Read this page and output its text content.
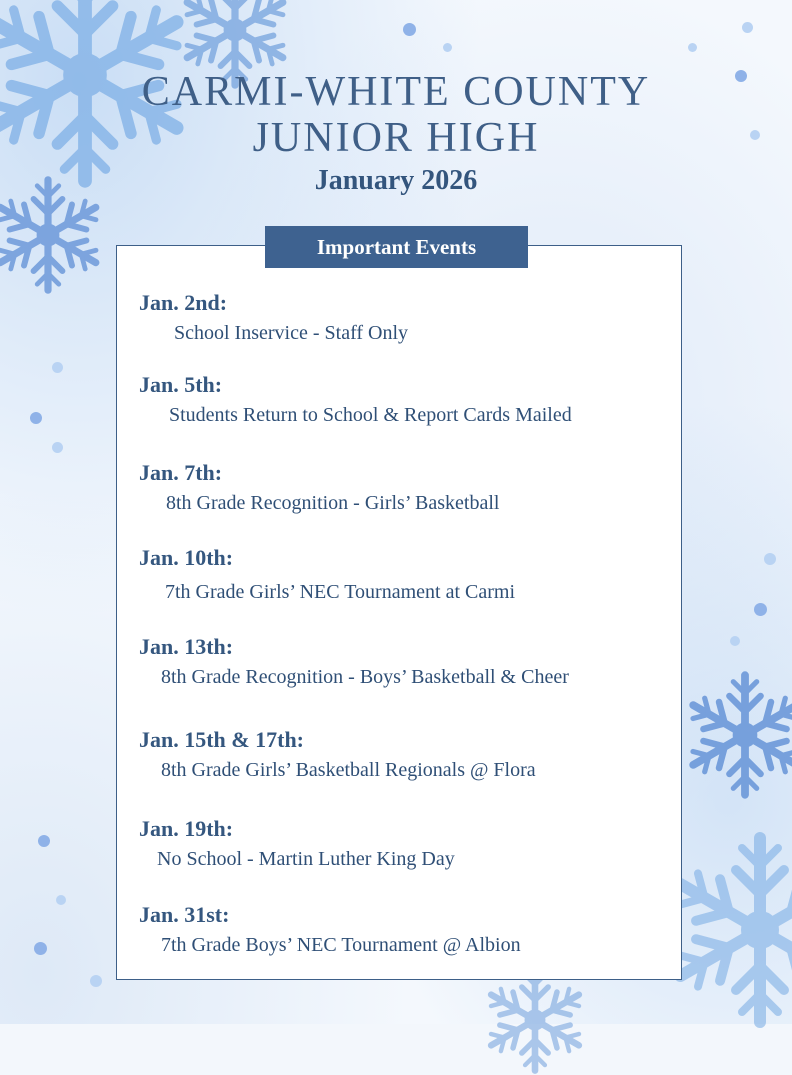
CARMI-WHITE COUNTY
JUNIOR HIGH
January 2026
Important Events
Jan. 2nd:
School Inservice - Staff Only
Jan. 5th:
Students Return to School & Report Cards Mailed
Jan. 7th:
8th Grade Recognition - Girls’ Basketball
Jan. 10th:
7th Grade Girls’ NEC Tournament at Carmi
Jan. 13th:
8th Grade Recognition - Boys’ Basketball & Cheer
Jan. 15th & 17th:
8th Grade Girls’ Basketball Regionals @ Flora
Jan. 19th:
No School - Martin Luther King Day
Jan. 31st:
7th Grade Boys’ NEC Tournament @ Albion
